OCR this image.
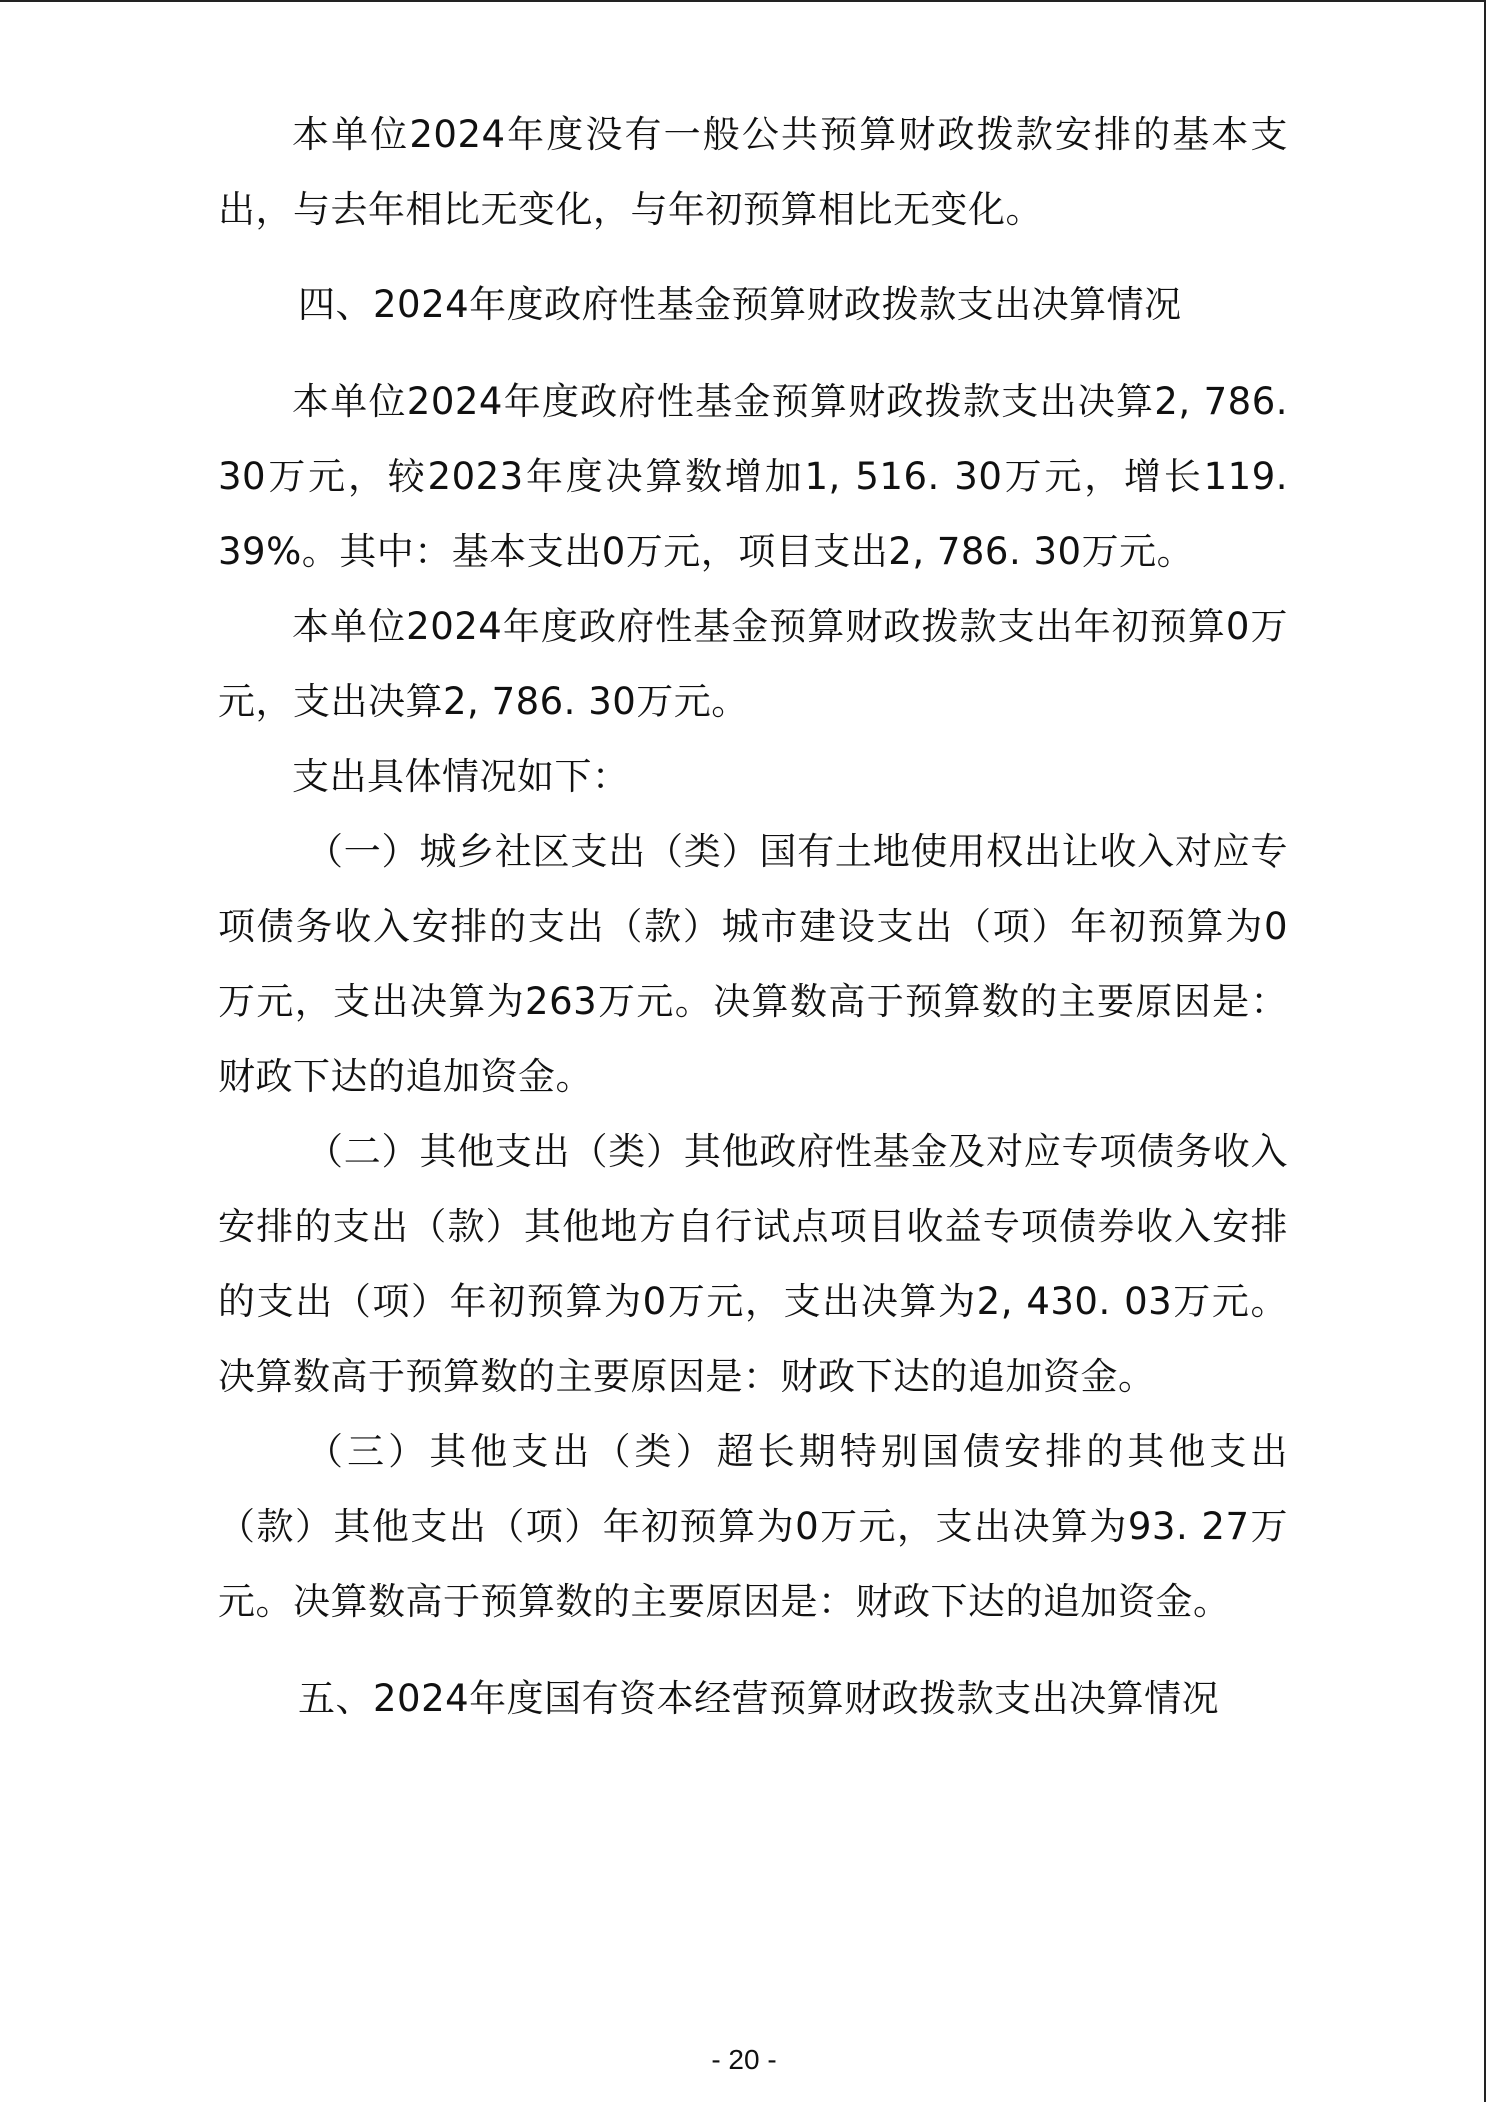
本单位2024年度没有一般公共预算财政拨款安排的基本支出，与去年相比无变化，与年初预算相比无变化。

四、2024年度政府性基金预算财政拨款支出决算情况

本单位2024年度政府性基金预算财政拨款支出决算2, 786. 30万元，较2023年度决算数增加1, 516. 30万元，增长119. 39%。其中：基本支出0万元，项目支出2, 786. 30万元。

本单位2024年度政府性基金预算财政拨款支出年初预算0万元，支出决算2, 786. 30万元。

支出具体情况如下：

（一）城乡社区支出（类）国有土地使用权出让收入对应专项债务收入安排的支出（款）城市建设支出（项）年初预算为0万元，支出决算为263万元。决算数高于预算数的主要原因是：财政下达的追加资金。

（二）其他支出（类）其他政府性基金及对应专项债务收入安排的支出（款）其他地方自行试点项目收益专项债券收入安排的支出（项）年初预算为0万元，支出决算为2, 430. 03万元。决算数高于预算数的主要原因是：财政下达的追加资金。

（三）其他支出（类）超长期特别国债安排的其他支出（款）其他支出（项）年初预算为0万元，支出决算为93. 27万元。决算数高于预算数的主要原因是：财政下达的追加资金。

五、2024年度国有资本经营预算财政拨款支出决算情况
- 20 -
